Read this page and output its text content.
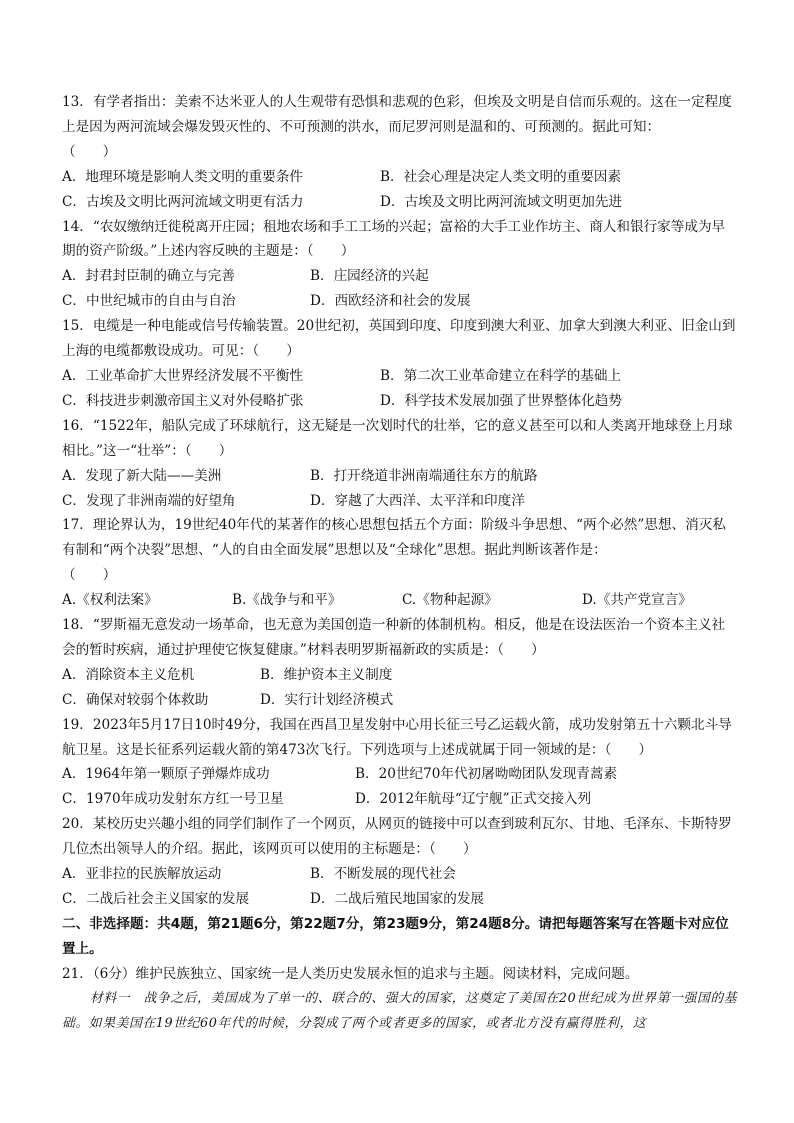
13．有学者指出：美索不达米亚人的人生观带有恐惧和悲观的色彩，但埃及文明是自信而乐观的。这在一定程度上是因为两河流域会爆发毁灭性的、不可预测的洪水，而尼罗河则是温和的、可预测的。据此可知：

（　　）

A．地理环境是影响人类文明的重要条件	B．社会心理是决定人类文明的重要因素
C．古埃及文明比两河流域文明更有活力	D．古埃及文明比两河流域文明更加先进

14．“农奴缴纳迁徙税离开庄园；租地农场和手工工场的兴起；富裕的大手工业作坊主、商人和银行家等成为早期的资产阶级。”上述内容反映的主题是：（　　）

A．封君封臣制的确立与完善	B．庄园经济的兴起
C．中世纪城市的自由与自治	D．西欧经济和社会的发展

15．电缆是一种电能或信号传输装置。20世纪初，英国到印度、印度到澳大利亚、加拿大到澳大利亚、旧金山到上海的电缆都敷设成功。可见：（　　）

A．工业革命扩大世界经济发展不平衡性	B．第二次工业革命建立在科学的基础上
C．科技进步刺激帝国主义对外侵略扩张	D．科学技术发展加强了世界整体化趋势

16．“1522年，船队完成了环球航行，这无疑是一次划时代的壮举，它的意义甚至可以和人类离开地球登上月球相比。”这一“壮举”：（　　）

A．发现了新大陆——美洲	B．打开绕道非洲南端通往东方的航路
C．发现了非洲南端的好望角	D．穿越了大西洋、太平洋和印度洋

17．理论界认为，19世纪40年代的某著作的核心思想包括五个方面：阶级斗争思想、“两个必然”思想、消灭私有制和“两个决裂”思想、“人的自由全面发展”思想以及“全球化”思想。据此判断该著作是：

（　　）

A.《权利法案》	B.《战争与和平》	C.《物种起源》	D.《共产党宣言》

18．“罗斯福无意发动一场革命，也无意为美国创造一种新的体制机构。相反，他是在设法医治一个资本主义社会的暂时疾病，通过护理使它恢复健康。”材料表明罗斯福新政的实质是：（　　）

A．消除资本主义危机	B．维护资本主义制度
C．确保对较弱个体救助	D．实行计划经济模式

19．2023年5月17日10时49分，我国在西昌卫星发射中心用长征三号乙运载火箭，成功发射第五十六颗北斗导航卫星。这是长征系列运载火箭的第473次飞行。下列选项与上述成就属于同一领域的是：（　　）

A．1964年第一颗原子弹爆炸成功	B．20世纪70年代初屠呦呦团队发现青蒿素
C．1970年成功发射东方红一号卫星	D．2012年航母“辽宁舰”正式交接入列

20．某校历史兴趣小组的同学们制作了一个网页，从网页的链接中可以查到玻利瓦尔、甘地、毛泽东、卡斯特罗几位杰出领导人的介绍。据此，该网页可以使用的主标题是：（　　）

A．亚非拉的民族解放运动	B．不断发展的现代社会
C．二战后社会主义国家的发展	D．二战后殖民地国家的发展

二、非选择题：共4题，第21题6分，第22题7分，第23题9分，第24题8分。请把每题答案写在答题卡对应位置上。

21．（6分）维护民族独立、国家统一是人类历史发展永恒的追求与主题。阅读材料，完成问题。

材料一　战争之后，美国成为了单一的、联合的、强大的国家，这奠定了美国在20世纪成为世界第一强国的基础。如果美国在19世纪60年代的时候，分裂成了两个或者更多的国家，或者北方没有赢得胜利，这
